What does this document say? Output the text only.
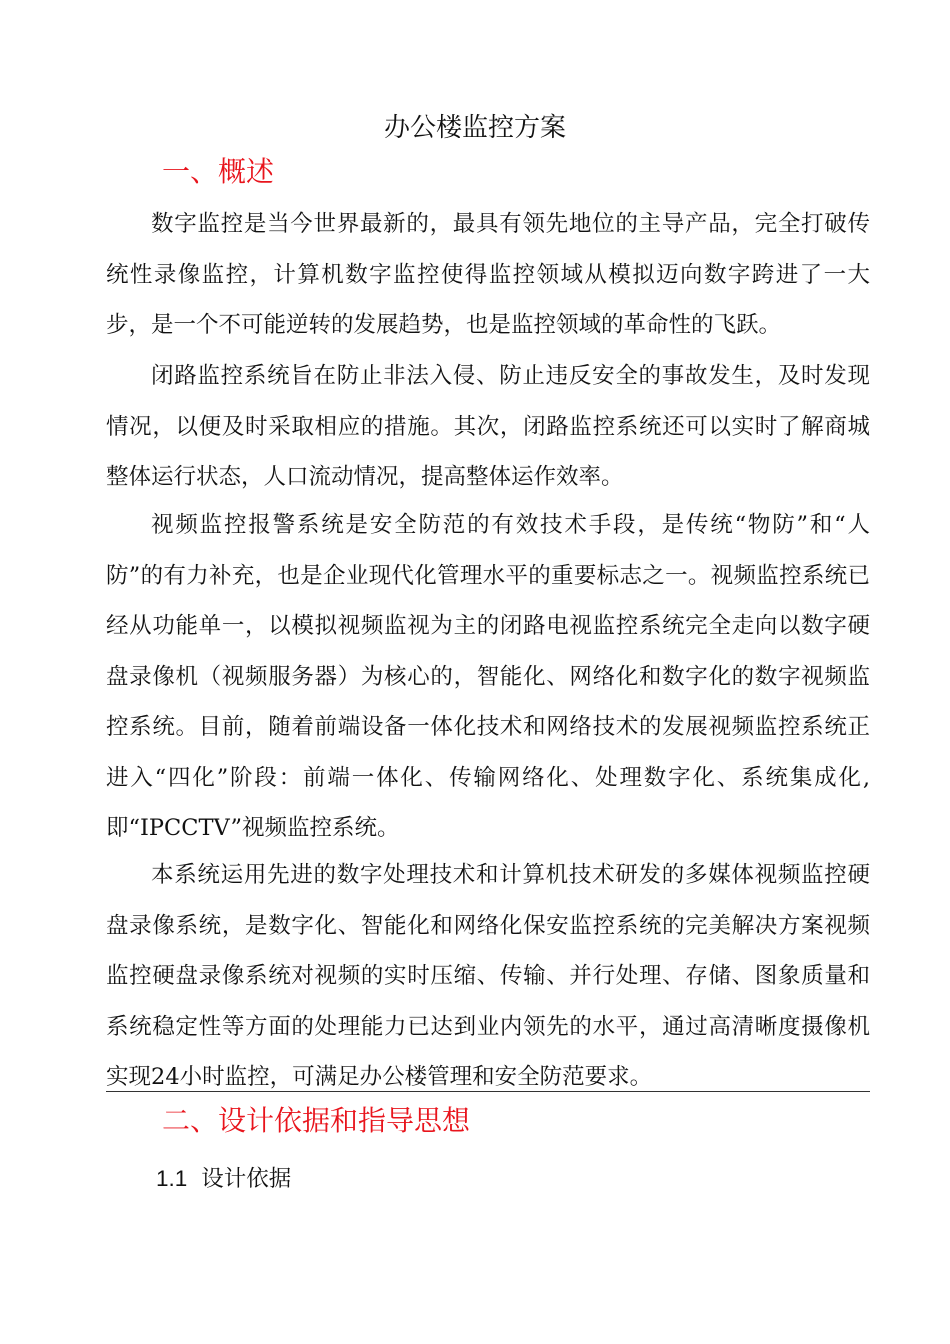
办公楼监控方案
一、概述

数字监控是当今世界最新的，最具有领先地位的主导产品，完全打破传统性录像监控，计算机数字监控使得监控领域从模拟迈向数字跨进了一大步，是一个不可能逆转的发展趋势，也是监控领域的革命性的飞跃。

闭路监控系统旨在防止非法入侵、防止违反安全的事故发生，及时发现情况，以便及时采取相应的措施。其次，闭路监控系统还可以实时了解商城整体运行状态，人口流动情况，提高整体运作效率。

视频监控报警系统是安全防范的有效技术手段，是传统“物防”和“人防”的有力补充，也是企业现代化管理水平的重要标志之一。视频监控系统已经从功能单一，以模拟视频监视为主的闭路电视监控系统完全走向以数字硬盘录像机（视频服务器）为核心的，智能化、网络化和数字化的数字视频监控系统。目前，随着前端设备一体化技术和网络技术的发展视频监控系统正进入“四化”阶段：前端一体化、传输网络化、处理数字化、系统集成化,即“IPCCTV”视频监控系统。

本系统运用先进的数字处理技术和计算机技术研发的多媒体视频监控硬盘录像系统，是数字化、智能化和网络化保安监控系统的完美解决方案视频监控硬盘录像系统对视频的实时压缩、传输、并行处理、存储、图象质量和系统稳定性等方面的处理能力已达到业内领先的水平，通过高清晰度摄像机实现24小时监控，可满足办公楼管理和安全防范要求。

二、设计依据和指导思想
1.1 设计依据
